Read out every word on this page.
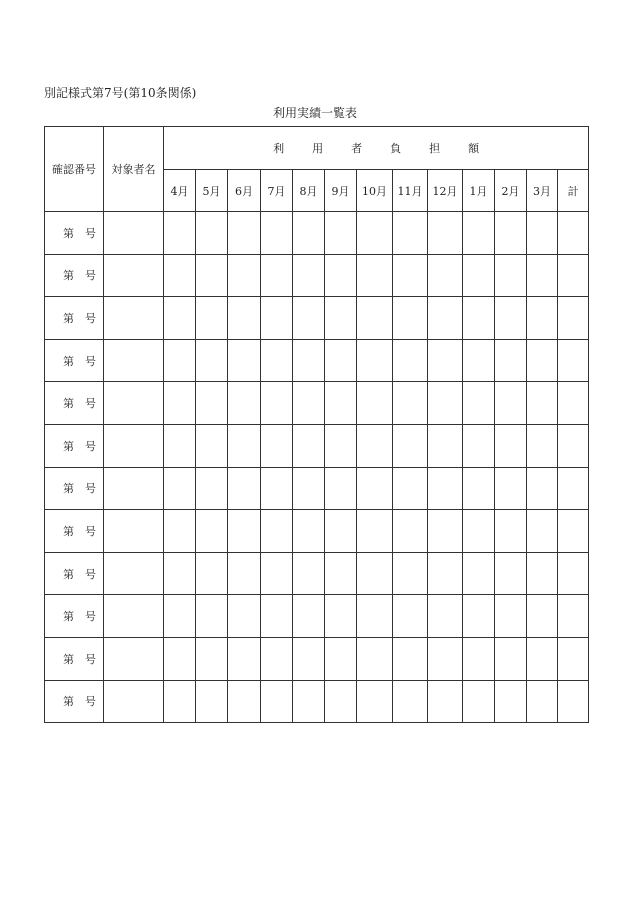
別記様式第7号(第10条関係)
利用実績一覧表
確認番号	対象者名	利 用 者 負 担 額												
		4月	5月	6月	7月	8月	9月	10月	11月	12月	1月	2月	3月	計
第 号														
第 号														
第 号														
第 号														
第 号														
第 号														
第 号														
第 号														
第 号														
第 号														
第 号														
第 号														
